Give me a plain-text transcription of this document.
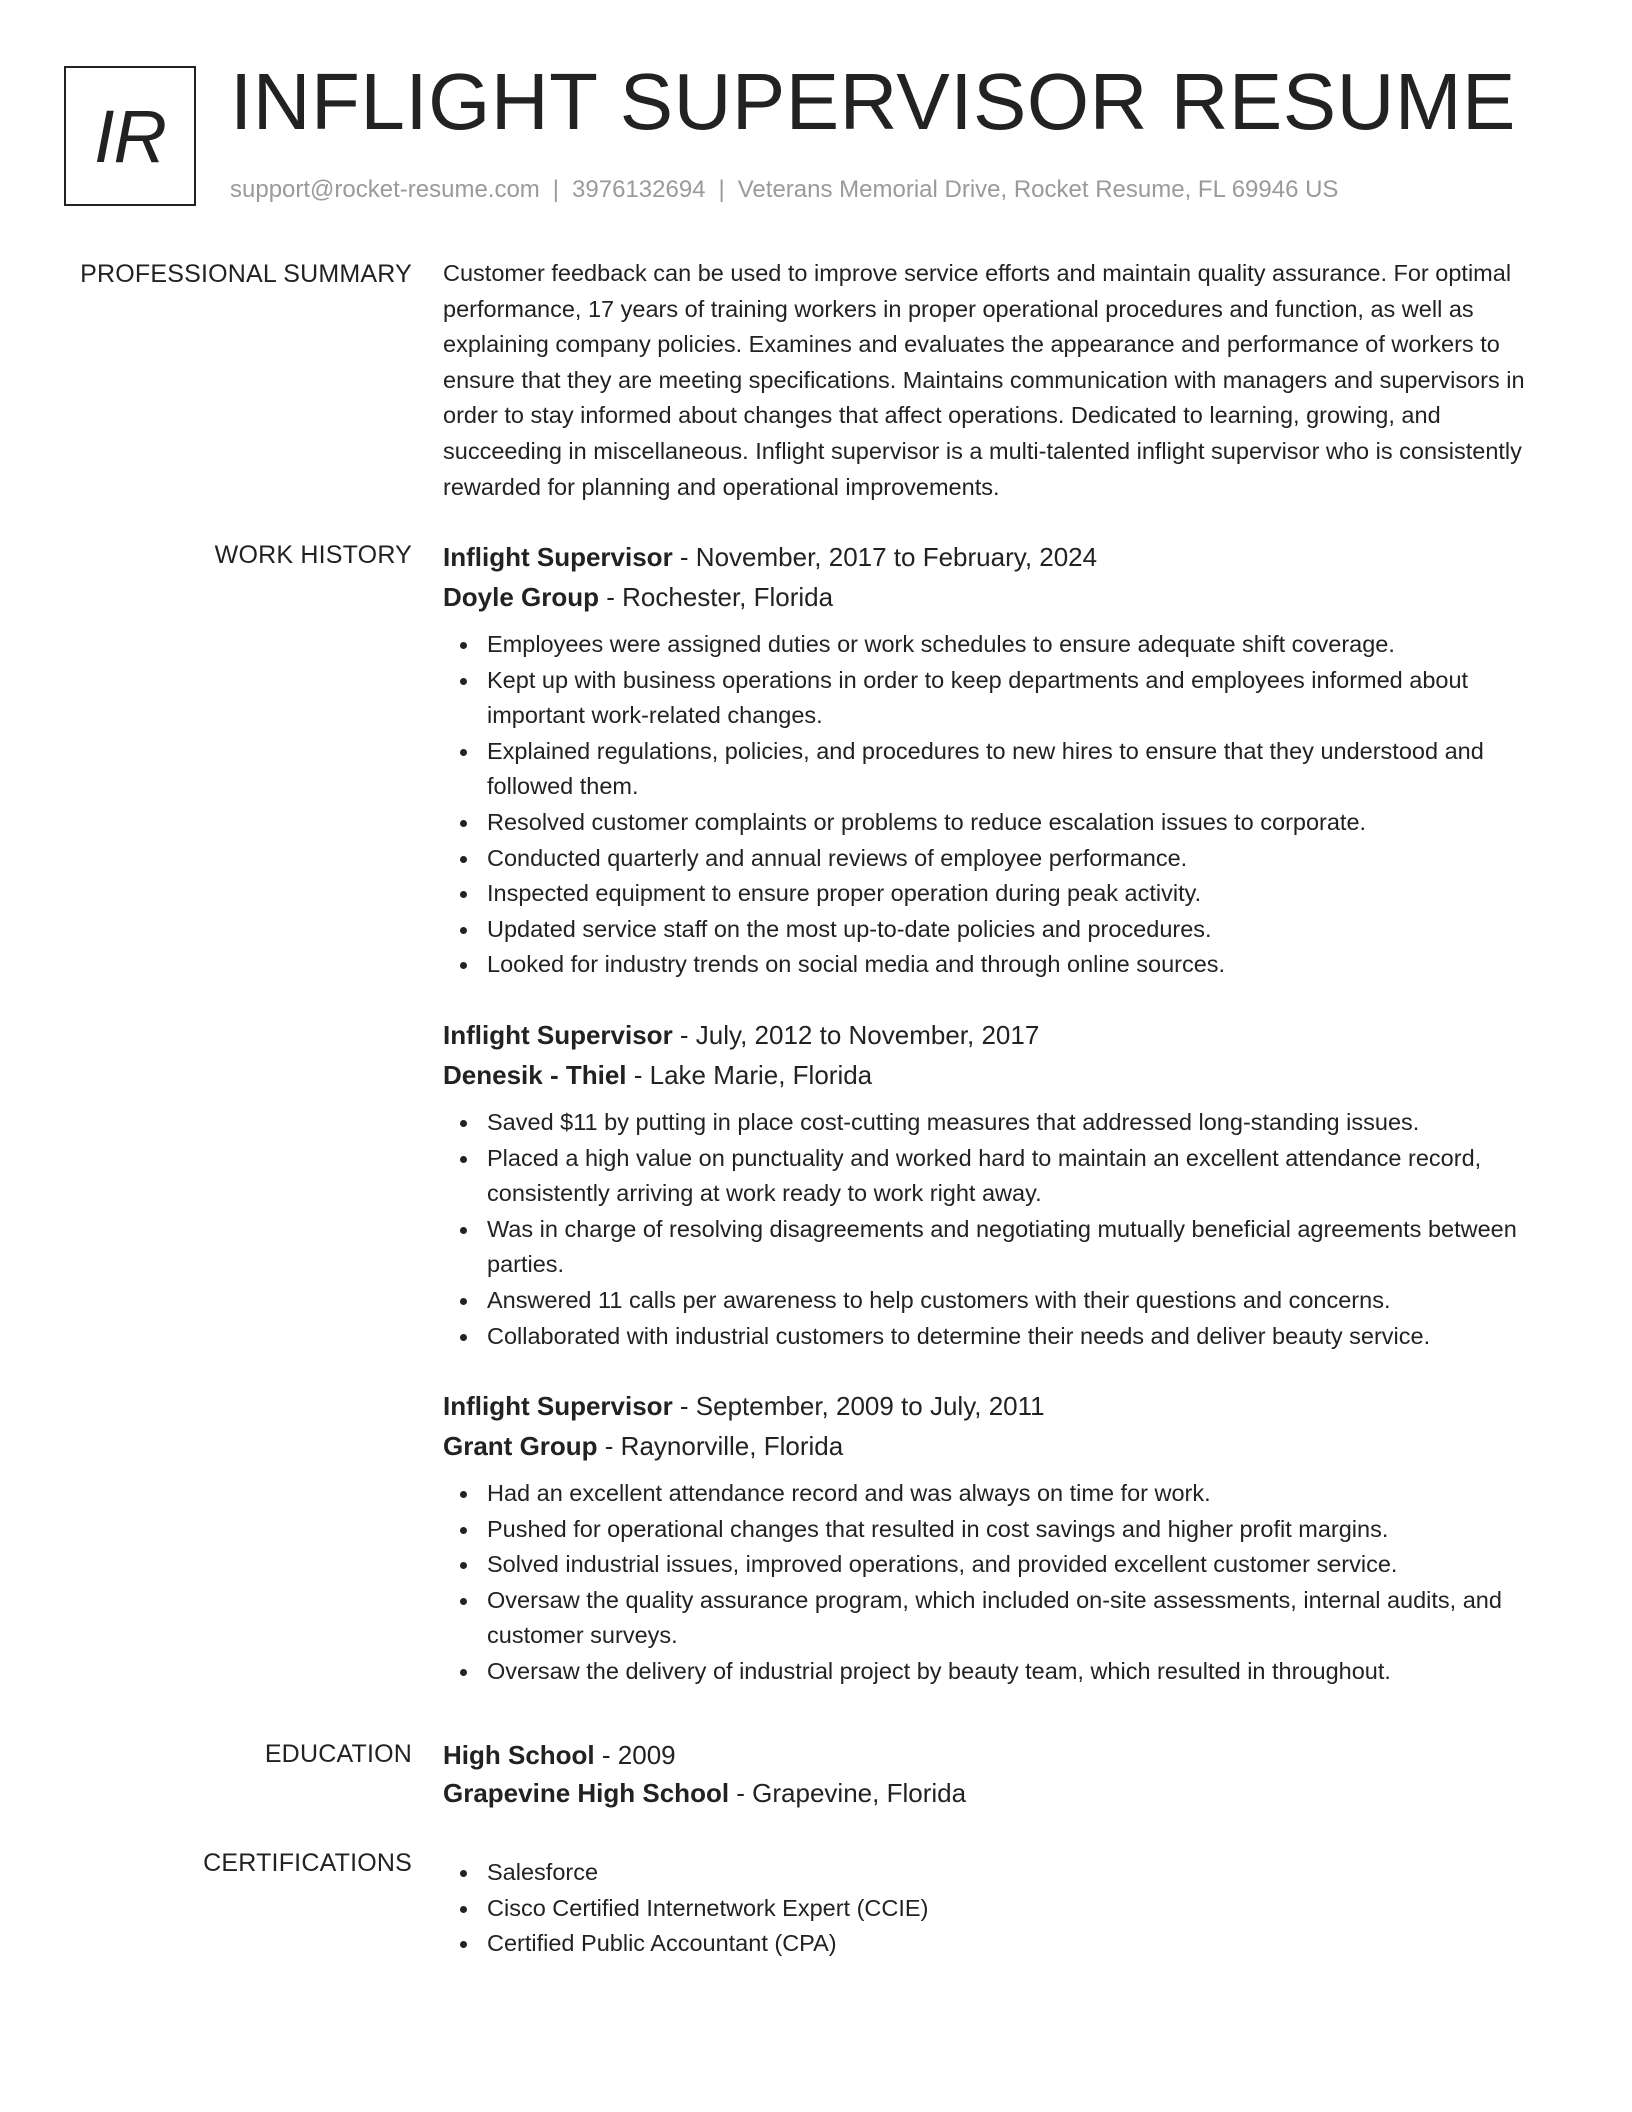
IR INFLIGHT SUPERVISOR RESUME
support@rocket-resume.com | 3976132694 | Veterans Memorial Drive, Rocket Resume, FL 69946 US
PROFESSIONAL SUMMARY Customer feedback can be used to improve service efforts and maintain quality assurance. For optimal performance, 17 years of training workers in proper operational procedures and function, as well as explaining company policies. Examines and evaluates the appearance and performance of workers to ensure that they are meeting specifications. Maintains communication with managers and supervisors in order to stay informed about changes that affect operations. Dedicated to learning, growing, and succeeding in miscellaneous. Inflight supervisor is a multi-talented inflight supervisor who is consistently rewarded for planning and operational improvements.

WORK HISTORY Inflight Supervisor - November, 2017 to February, 2024
Doyle Group - Rochester, Florida
Employees were assigned duties or work schedules to ensure adequate shift coverage.
Kept up with business operations in order to keep departments and employees informed about important work-related changes.
Explained regulations, policies, and procedures to new hires to ensure that they understood and followed them.
Resolved customer complaints or problems to reduce escalation issues to corporate.
Conducted quarterly and annual reviews of employee performance.
Inspected equipment to ensure proper operation during peak activity.
Updated service staff on the most up-to-date policies and procedures.
Looked for industry trends on social media and through online sources.
Inflight Supervisor - July, 2012 to November, 2017
Denesik - Thiel - Lake Marie, Florida
Saved $11 by putting in place cost-cutting measures that addressed long-standing issues.
Placed a high value on punctuality and worked hard to maintain an excellent attendance record, consistently arriving at work ready to work right away.
Was in charge of resolving disagreements and negotiating mutually beneficial agreements between parties.
Answered 11 calls per awareness to help customers with their questions and concerns.
Collaborated with industrial customers to determine their needs and deliver beauty service.
Inflight Supervisor - September, 2009 to July, 2011
Grant Group - Raynorville, Florida
Had an excellent attendance record and was always on time for work.
Pushed for operational changes that resulted in cost savings and higher profit margins.
Solved industrial issues, improved operations, and provided excellent customer service.
Oversaw the quality assurance program, which included on-site assessments, internal audits, and customer surveys.
Oversaw the delivery of industrial project by beauty team, which resulted in throughout.
EDUCATION High School - 2009
Grapevine High School - Grapevine, Florida
CERTIFICATIONS	Salesforce
Cisco Certified Internetwork Expert (CCIE)
Certified Public Accountant (CPA)
